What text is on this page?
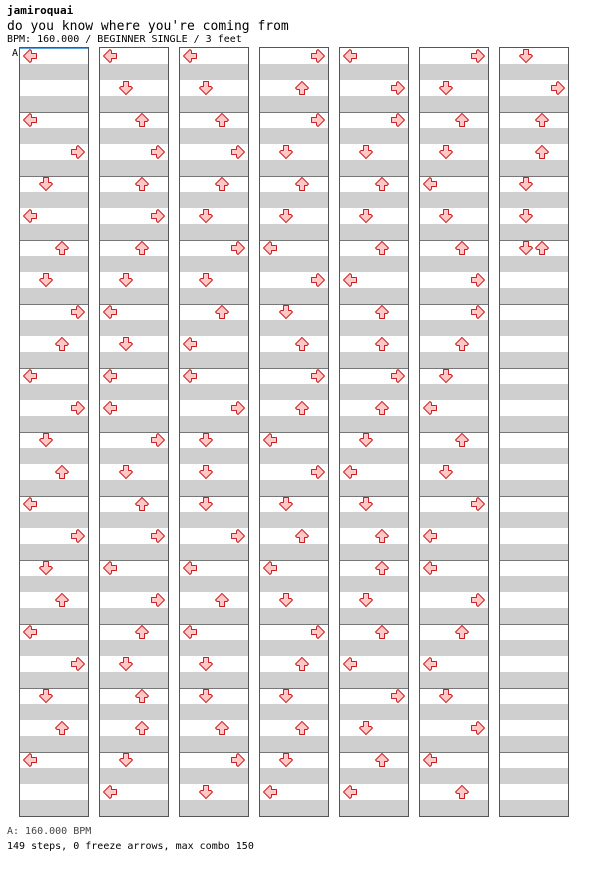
jamiroquai
do you know where you're coming from
BPM: 160.000 / BEGINNER SINGLE / 3 feet
A
A: 160.000 BPM
149 steps, 0 freeze arrows, max combo 150
